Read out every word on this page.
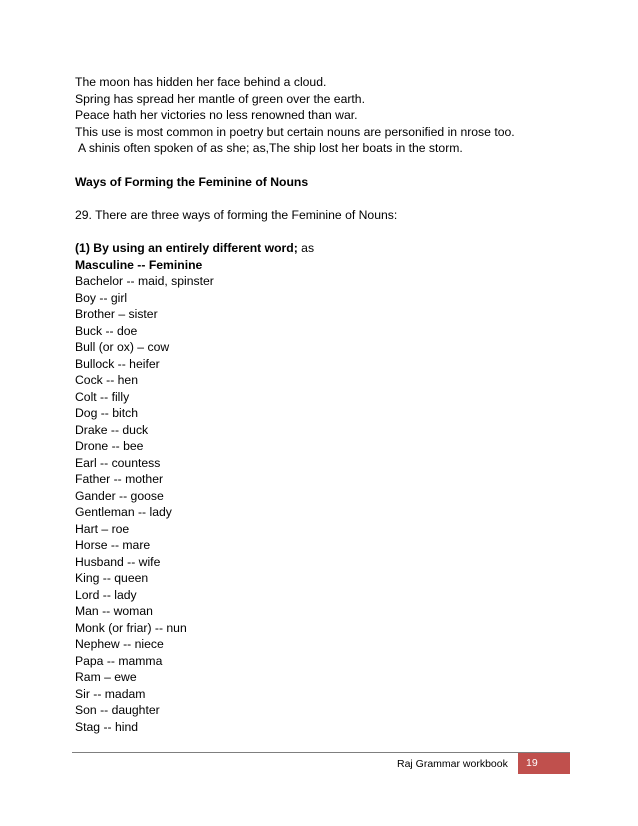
The moon has hidden her face behind a cloud.
Spring has spread her mantle of green over the earth.
Peace hath her victories no less renowned than war.
This use is most common in poetry but certain nouns are personified in nrose too.
A shinis often spoken of as she; as,The ship lost her boats in the storm.
Ways of Forming the Feminine of Nouns
29. There are three ways of forming the Feminine of Nouns:
(1) By using an entirely different word; as
Masculine -- Feminine
Bachelor -- maid, spinster
Boy -- girl
Brother – sister
Buck -- doe
Bull (or ox) – cow
Bullock -- heifer
Cock -- hen
Colt -- filly
Dog -- bitch
Drake -- duck
Drone -- bee
Earl -- countess
Father -- mother
Gander -- goose
Gentleman -- lady
Hart – roe
Horse -- mare
Husband -- wife
King -- queen
Lord -- lady
Man -- woman
Monk (or friar) -- nun
Nephew -- niece
Papa -- mamma
Ram – ewe
Sir -- madam
Son -- daughter
Stag -- hind
Raj Grammar workbook	19
